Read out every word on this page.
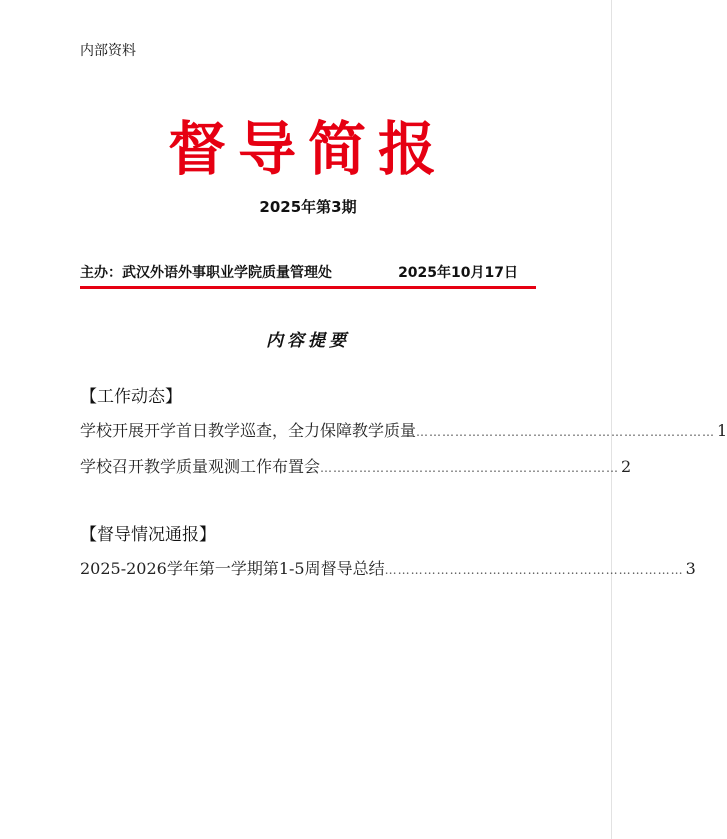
内部资料
督导简报
2025年第3期
主办：武汉外语外事职业学院质量管理处	2025年10月17日
内容提要
【工作动态】
学校开展开学首日教学巡查，全力保障教学质量 …………………………………………………………… 1
学校召开教学质量观测工作布置会 …………………………………………………………… 2
【督导情况通报】
2025-2026学年第一学期第1-5周督导总结 …………………………………………………………… 3
